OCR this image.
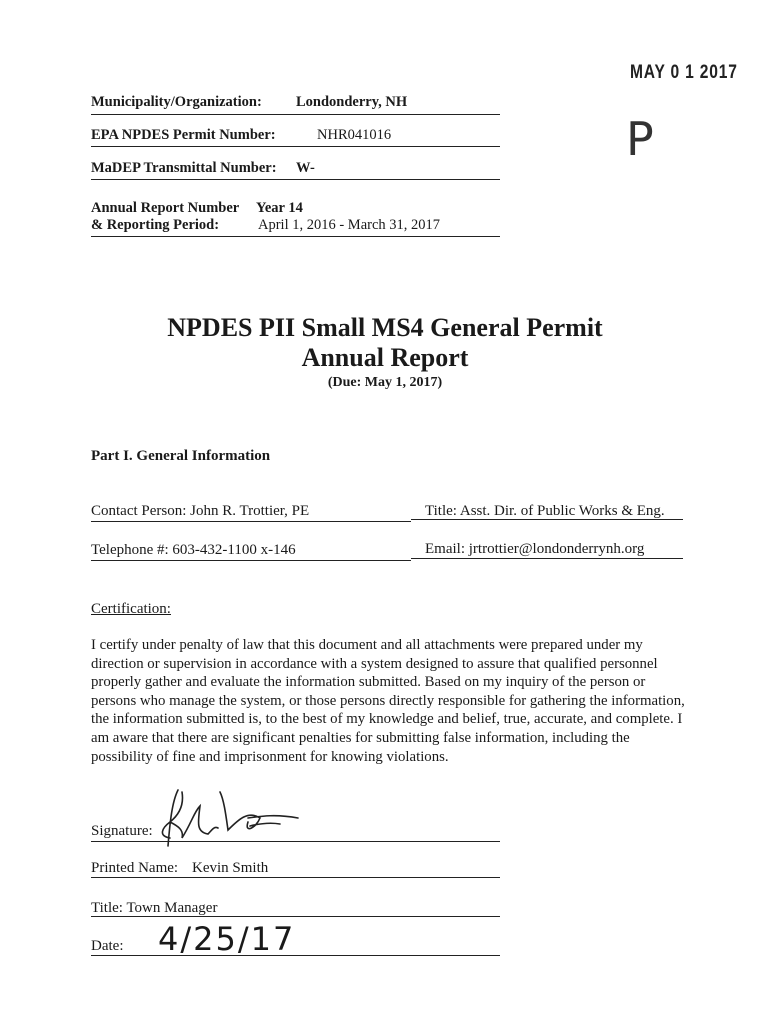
MAY 0 1 2017
P
Municipality/Organization: Londonderry, NH
EPA NPDES Permit Number:	NHR041016
MaDEP Transmittal Number: W-
Annual Report Number Year 14
& Reporting Period:	April 1, 2016 - March 31, 2017
NPDES PII Small MS4 General Permit
Annual Report
(Due: May 1, 2017)
Part I. General Information
Contact Person: John R. Trottier, PE	Title: Asst. Dir. of Public Works & Eng.
Telephone #: 603-432-1100 x-146	Email: jrtrottier@londonderrynh.org
Certification:
I certify under penalty of law that this document and all attachments were prepared under my direction or supervision in accordance with a system designed to assure that qualified personnel properly gather and evaluate the information submitted. Based on my inquiry of the person or persons who manage the system, or those persons directly responsible for gathering the information, the information submitted is, to the best of my knowledge and belief, true, accurate, and complete. I am aware that there are significant penalties for submitting false information, including the possibility of fine and imprisonment for knowing violations.
Signature:
Printed Name: Kevin Smith
Title: Town Manager
Date: 4/25/17
